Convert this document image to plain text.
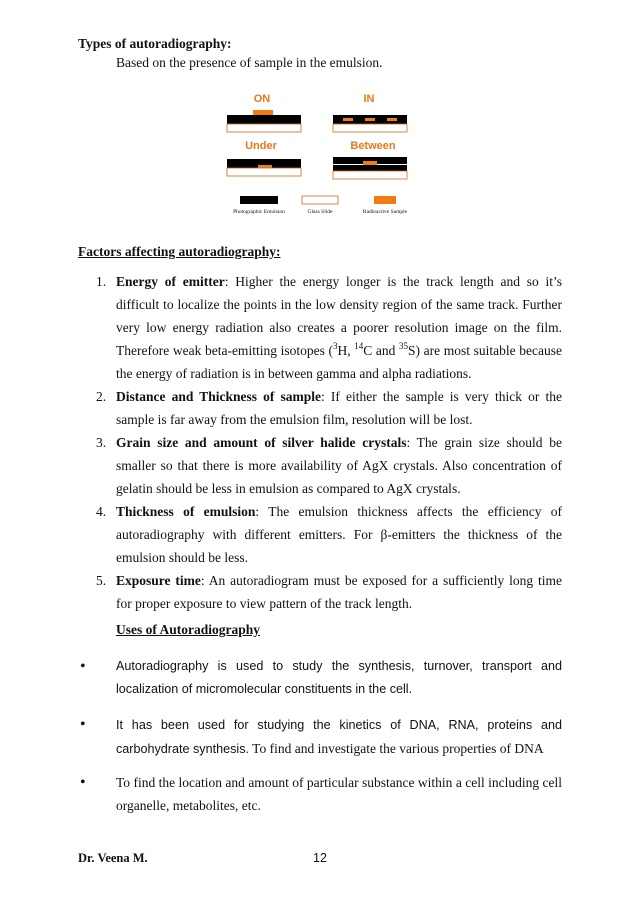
Types of autoradiography:
Based on the presence of sample in the emulsion.
ON	IN
Under	Between
Photographic Emulsion	Glass Slide	Radioactive Sample
Factors affecting autoradiography:
1. Energy of emitter: Higher the energy longer is the track length and so it’s difficult to localize the points in the low density region of the same track. Further very low energy radiation also creates a poorer resolution image on the film. Therefore weak beta-emitting isotopes ($^3$H, $^{14}$C and $^{35}$S) are most suitable because the energy of radiation is in between gamma and alpha radiations.
2. Distance and Thickness of sample: If either the sample is very thick or the sample is far away from the emulsion film, resolution will be lost.
3. Grain size and amount of silver halide crystals: The grain size should be smaller so that there is more availability of AgX crystals. Also concentration of gelatin should be less in emulsion as compared to AgX crystals.
4. Thickness of emulsion: The emulsion thickness affects the efficiency of autoradiography with different emitters. For β-emitters the thickness of the emulsion should be less.
5. Exposure time: An autoradiogram must be exposed for a sufficiently long time for proper exposure to view pattern of the track length.
Uses of Autoradiography
•	Autoradiography is used to study the synthesis, turnover, transport and localization of micromolecular constituents in the cell.
•	It has been used for studying the kinetics of DNA, RNA, proteins and carbohydrate synthesis. To find and investigate the various properties of DNA
•	To find the location and amount of particular substance within a cell including cell organelle, metabolites, etc.
Dr. Veena M.	12
